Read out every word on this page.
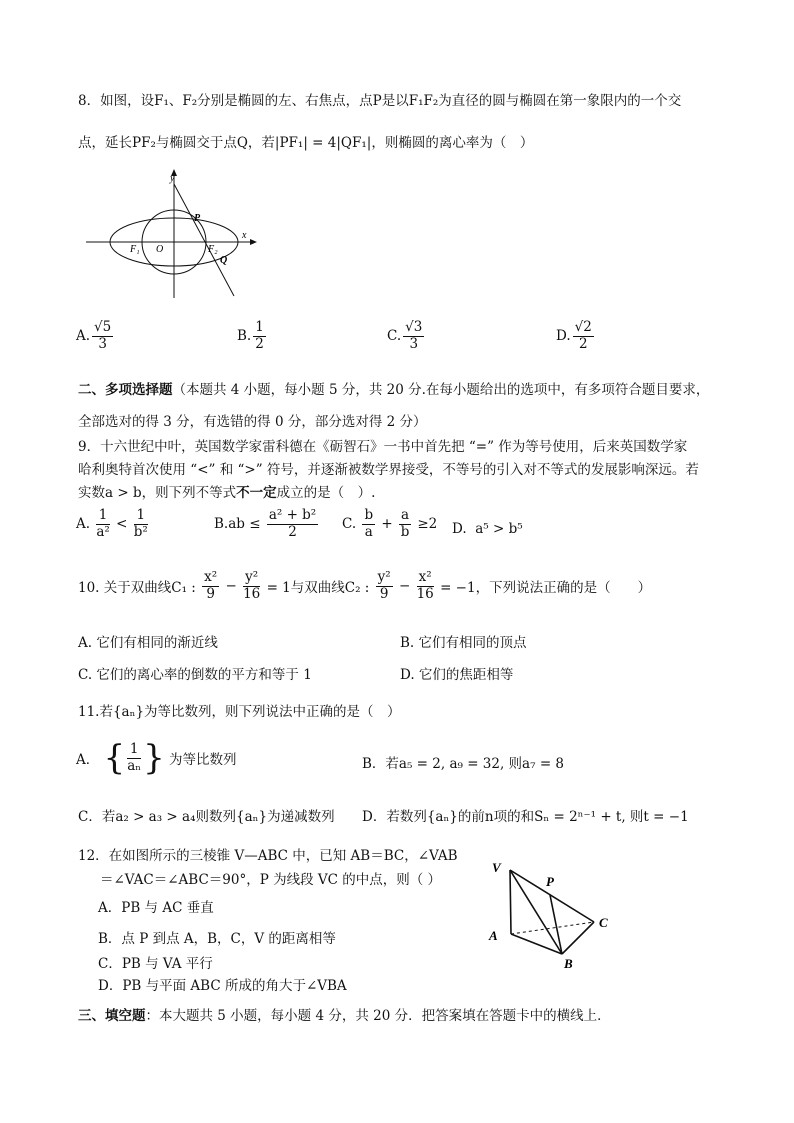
8．如图，设F₁、F₂分别是椭圆的左、右焦点，点P是以F₁F₂为直径的圆与椭圆在第一象限内的一个交
点，延长PF₂与椭圆交于点Q，若|PF₁| = 4|QF₁|，则椭圆的离心率为（　）
y
x
P
F₁ O	F₂
Q
A. $\frac{√5}{3}$	B. $\frac{1}{2}$	C. $\frac{√3}{3}$	D. $\frac{√2}{2}$
二、多项选择题（本题共 4 小题，每小题 5 分，共 20 分.在每小题给出的选项中，有多项符合题目要求，
全部选对的得 3 分，有选错的得 0 分，部分选对得 2 分）
9．十六世纪中叶，英国数学家雷科德在《砺智石》一书中首先把 “=” 作为等号使用，后来英国数学家
哈利奥特首次使用 “<” 和 “>” 符号，并逐渐被数学界接受，不等号的引入对不等式的发展影响深远。若
实数a > b，则下列不等式不一定成立的是（　）.
A. $\frac{1}{\text{a²}} < \frac{1}{\text{b²}}$	$B.ab \le \frac{\text{a² + b²}}{2} C$. $\frac{b}{a} + \frac{a}{b} \ge 2$ D. a⁵ > b⁵
10. 关于双曲线C₁ : $\frac{\text{x²}}{9} - \frac{\text{y²}}{16} = 1$与双曲线C₂ : $\frac{\text{y²}}{9} - \frac{\text{x²}}{16} = -1$，下列说法正确的是（　　）
A. 它们有相同的渐近线	B. 它们有相同的顶点
C. 它们的离心率的倒数的平方和等于 1	D. 它们的焦距相等
11.若{aₙ}为等比数列，则下列说法中正确的是（　）
A． { $\frac{1}{\text{aₙ}}$ } 为等比数列	B．若a₅ = 2, a₉ = 32, 则a₇ = 8
C．若a₂ > a₃ > a₄则数列{aₙ}为递减数列 D．若数列{aₙ}的前n项的和Sₙ = 2ⁿ⁻¹ + t, 则t = −1
12．在如图所示的三棱锥 V—ABC 中，已知 AB＝BC，∠VAB
＝∠VAC＝∠ABC＝90°，P 为线段 VC 的中点，则（ ）
A．PB 与 AC 垂直
B．点 P 到点 A，B，C，V 的距离相等
C．PB 与 VA 平行
D．PB 与平面 ABC 所成的角大于∠VBA
V
P
C
A
B
三、填空题：本大题共 5 小题，每小题 4 分，共 20 分．把答案填在答题卡中的横线上．
